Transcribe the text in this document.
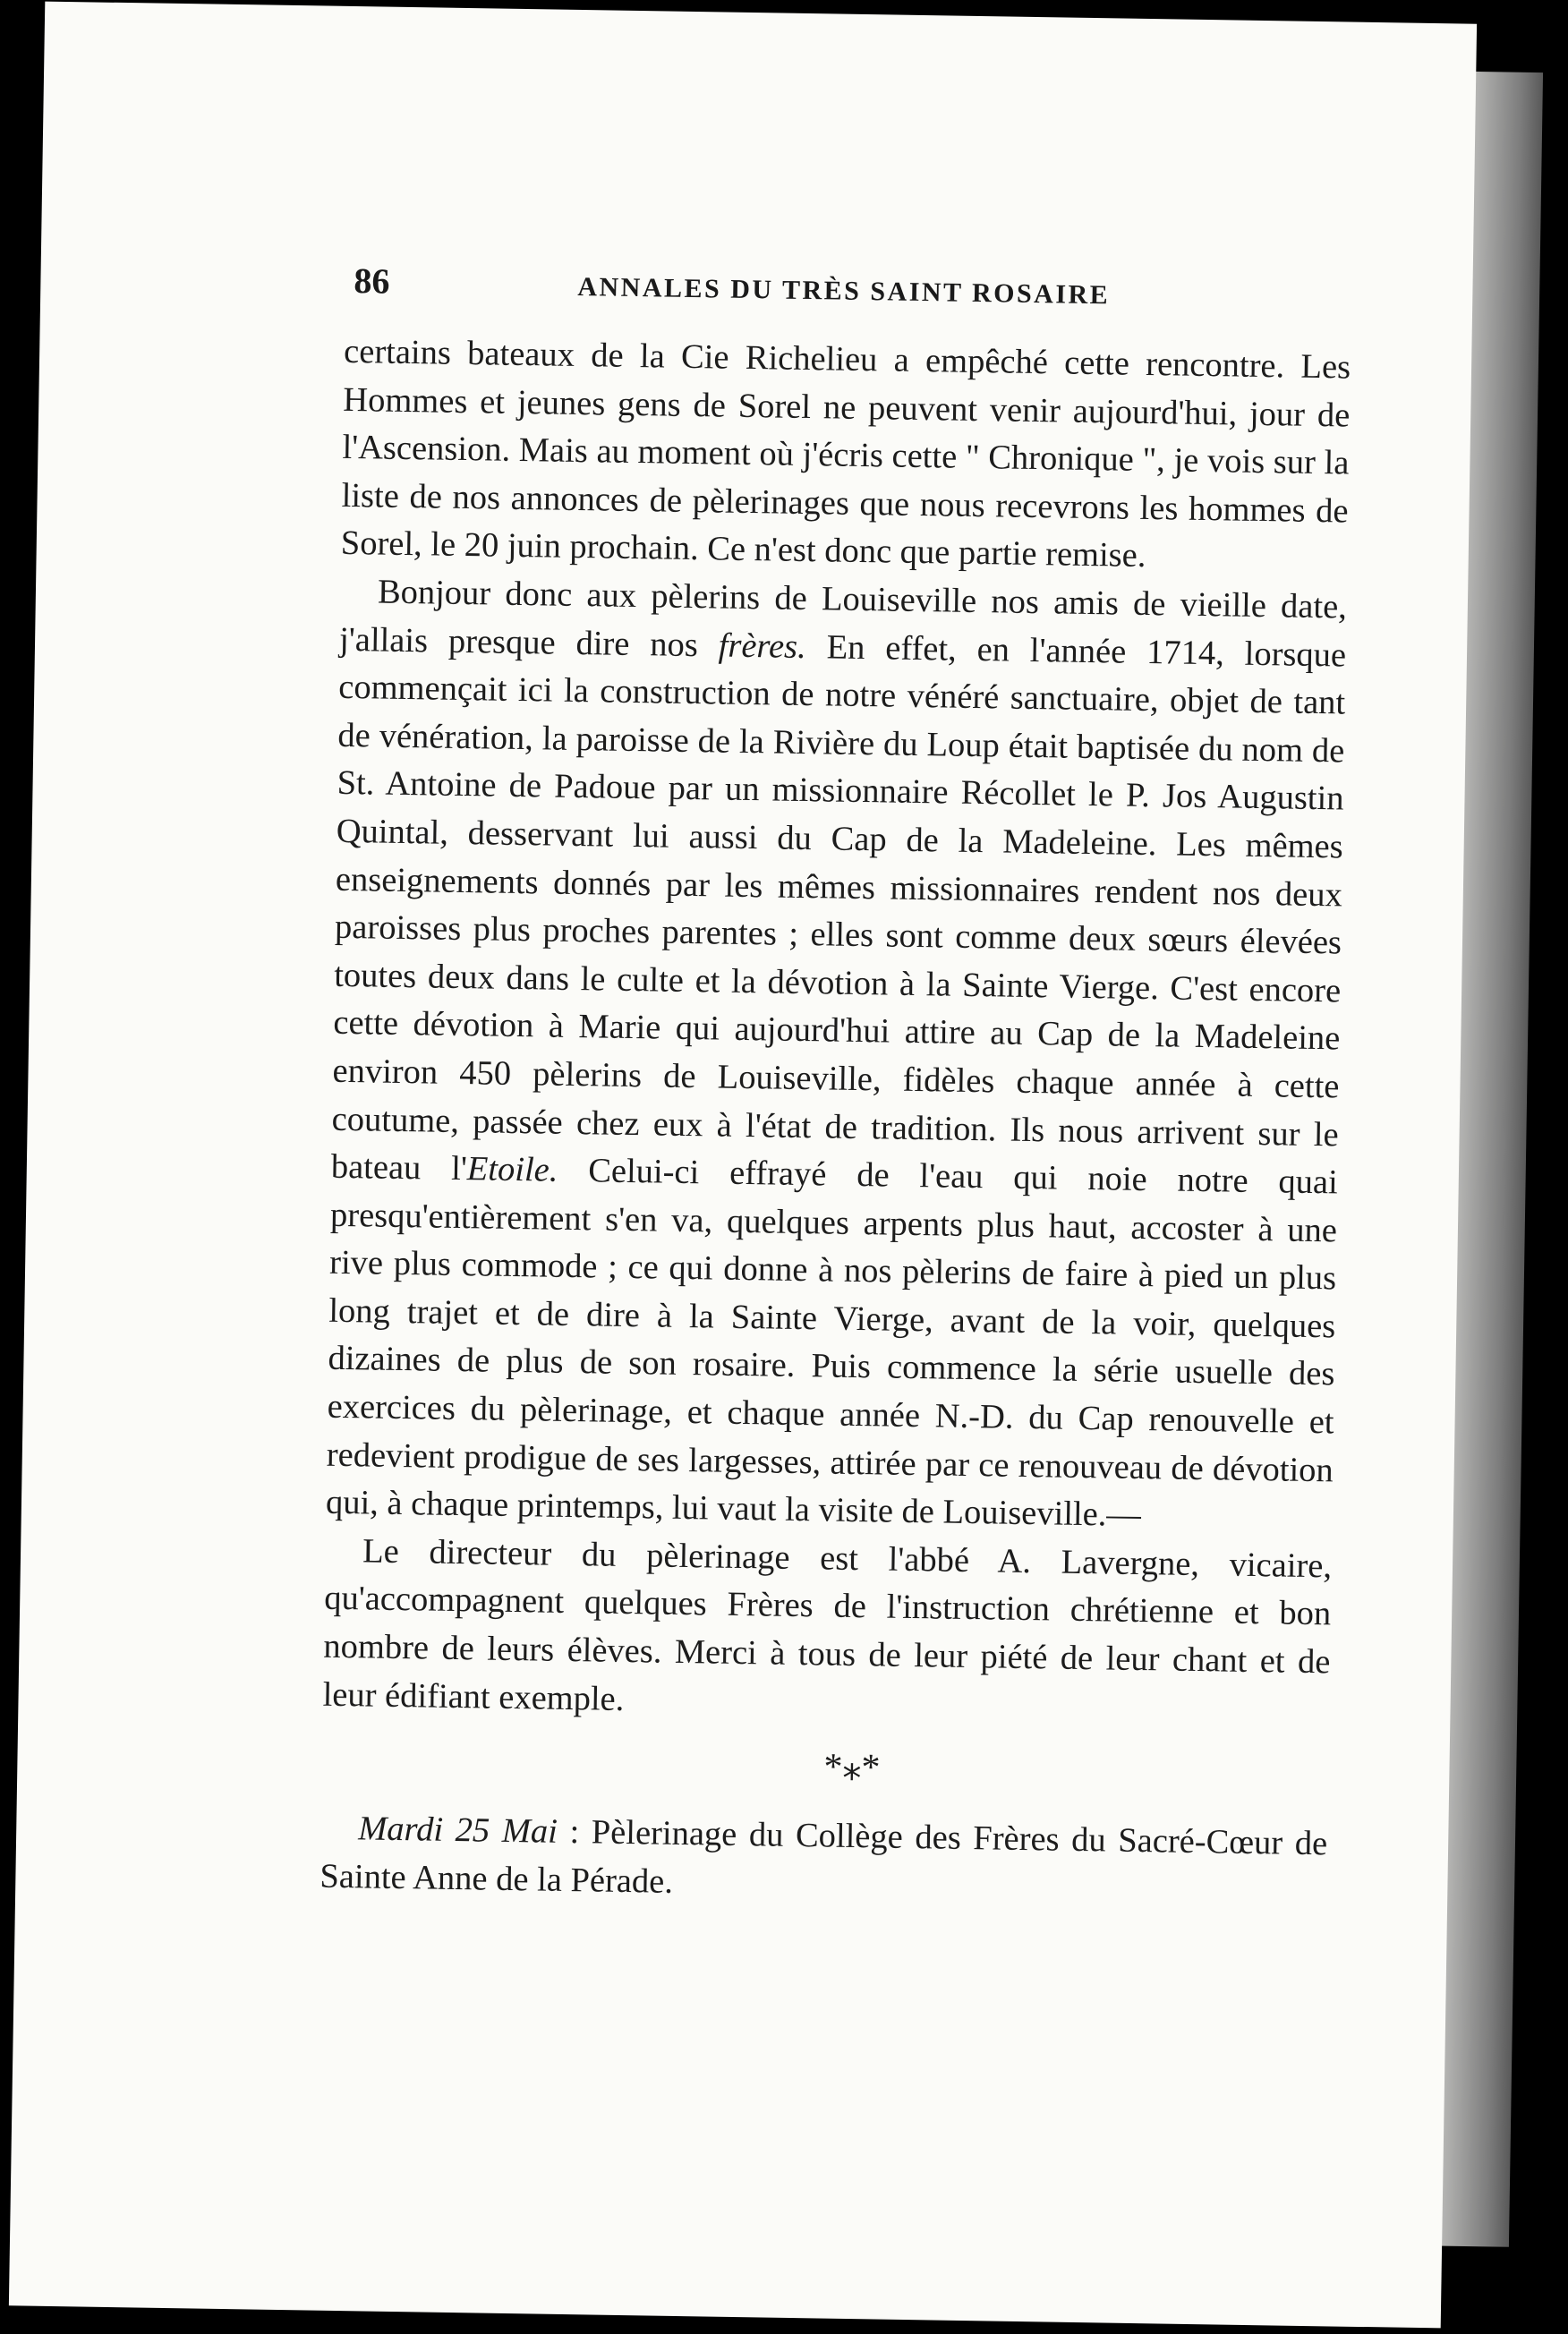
86	ANNALES DU TRÈS SAINT ROSAIRE

certains bateaux de la Cie Richelieu a empêché cette rencontre. Les Hommes et jeunes gens de Sorel ne peuvent venir aujourd'hui, jour de l'Ascension. Mais au moment où j'écris cette " Chronique ", je vois sur la liste de nos annonces de pèlerinages que nous recevrons les hommes de Sorel, le 20 juin prochain. Ce n'est donc que partie remise.

Bonjour donc aux pèlerins de Louiseville nos amis de vieille date, j'allais presque dire nos frères. En effet, en l'année 1714, lorsque commençait ici la construction de notre vénéré sanctuaire, objet de tant de vénération, la paroisse de la Rivière du Loup était baptisée du nom de St. Antoine de Padoue par un missionnaire Récollet le P. Jos Augustin Quintal, desservant lui aussi du Cap de la Madeleine. Les mêmes enseignements donnés par les mêmes missionnaires rendent nos deux paroisses plus proches parentes ; elles sont comme deux sœurs élevées toutes deux dans le culte et la dévotion à la Sainte Vierge. C'est encore cette dévotion à Marie qui aujourd'hui attire au Cap de la Madeleine environ 450 pèlerins de Louiseville, fidèles chaque année à cette coutume, passée chez eux à l'état de tradition. Ils nous arrivent sur le bateau l'Etoile. Celui-ci effrayé de l'eau qui noie notre quai presqu'entièrement s'en va, quelques arpents plus haut, accoster à une rive plus commode ; ce qui donne à nos pèlerins de faire à pied un plus long trajet et de dire à la Sainte Vierge, avant de la voir, quelques dizaines de plus de son rosaire. Puis commence la série usuelle des exercices du pèlerinage, et chaque année N.-D. du Cap renouvelle et redevient prodigue de ses largesses, attirée par ce renouveau de dévotion qui, à chaque printemps, lui vaut la visite de Louiseville.—

Le directeur du pèlerinage est l'abbé A. Lavergne, vicaire, qu'accompagnent quelques Frères de l'instruction chrétienne et bon nombre de leurs élèves. Merci à tous de leur piété de leur chant et de leur édifiant exemple.

*⁎*

Mardi 25 Mai : Pèlerinage du Collège des Frères du Sacré-Cœur de Sainte Anne de la Pérade.
